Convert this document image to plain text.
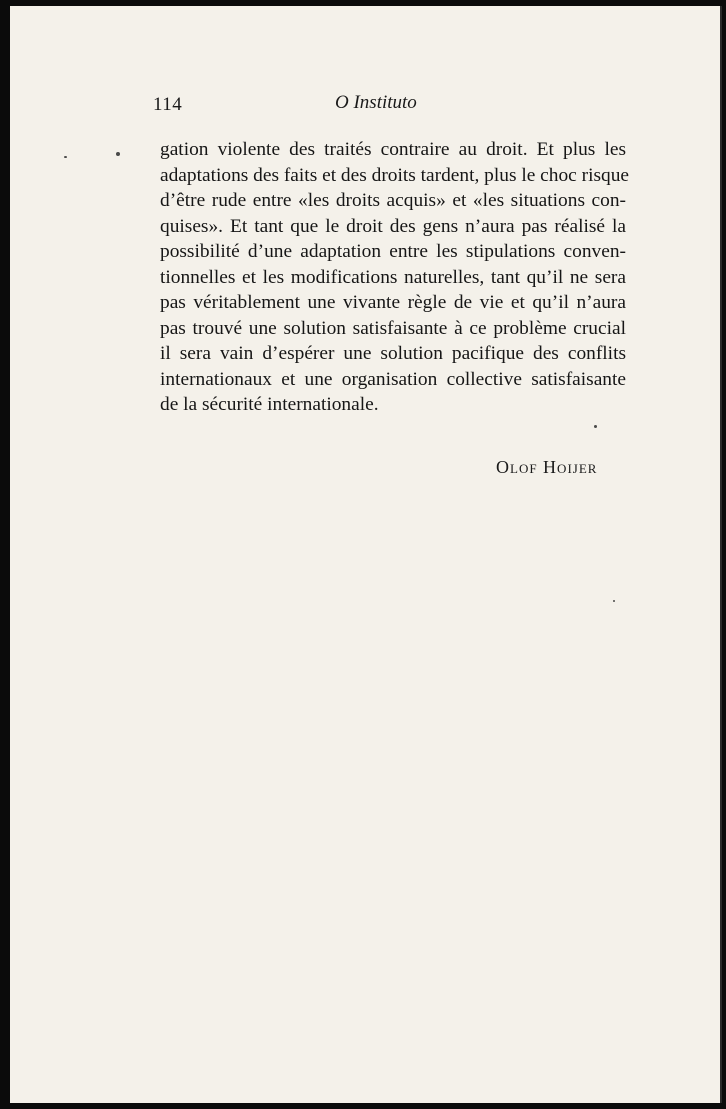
114	O Instituto
gation violente des traités contraire au droit. Et plus les
adaptations des faits et des droits tardent, plus le choc risque
d’être rude entre «les droits acquis» et «les situations con-
quises». Et tant que le droit des gens n’aura pas réalisé la
possibilité d’une adaptation entre les stipulations conven-
tionnelles et les modifications naturelles, tant qu’il ne sera
pas véritablement une vivante règle de vie et qu’il n’aura
pas trouvé une solution satisfaisante à ce problème crucial
il sera vain d’espérer une solution pacifique des conflits
internationaux et une organisation collective satisfaisante
de la sécurité internationale.
Olof Hoijer
